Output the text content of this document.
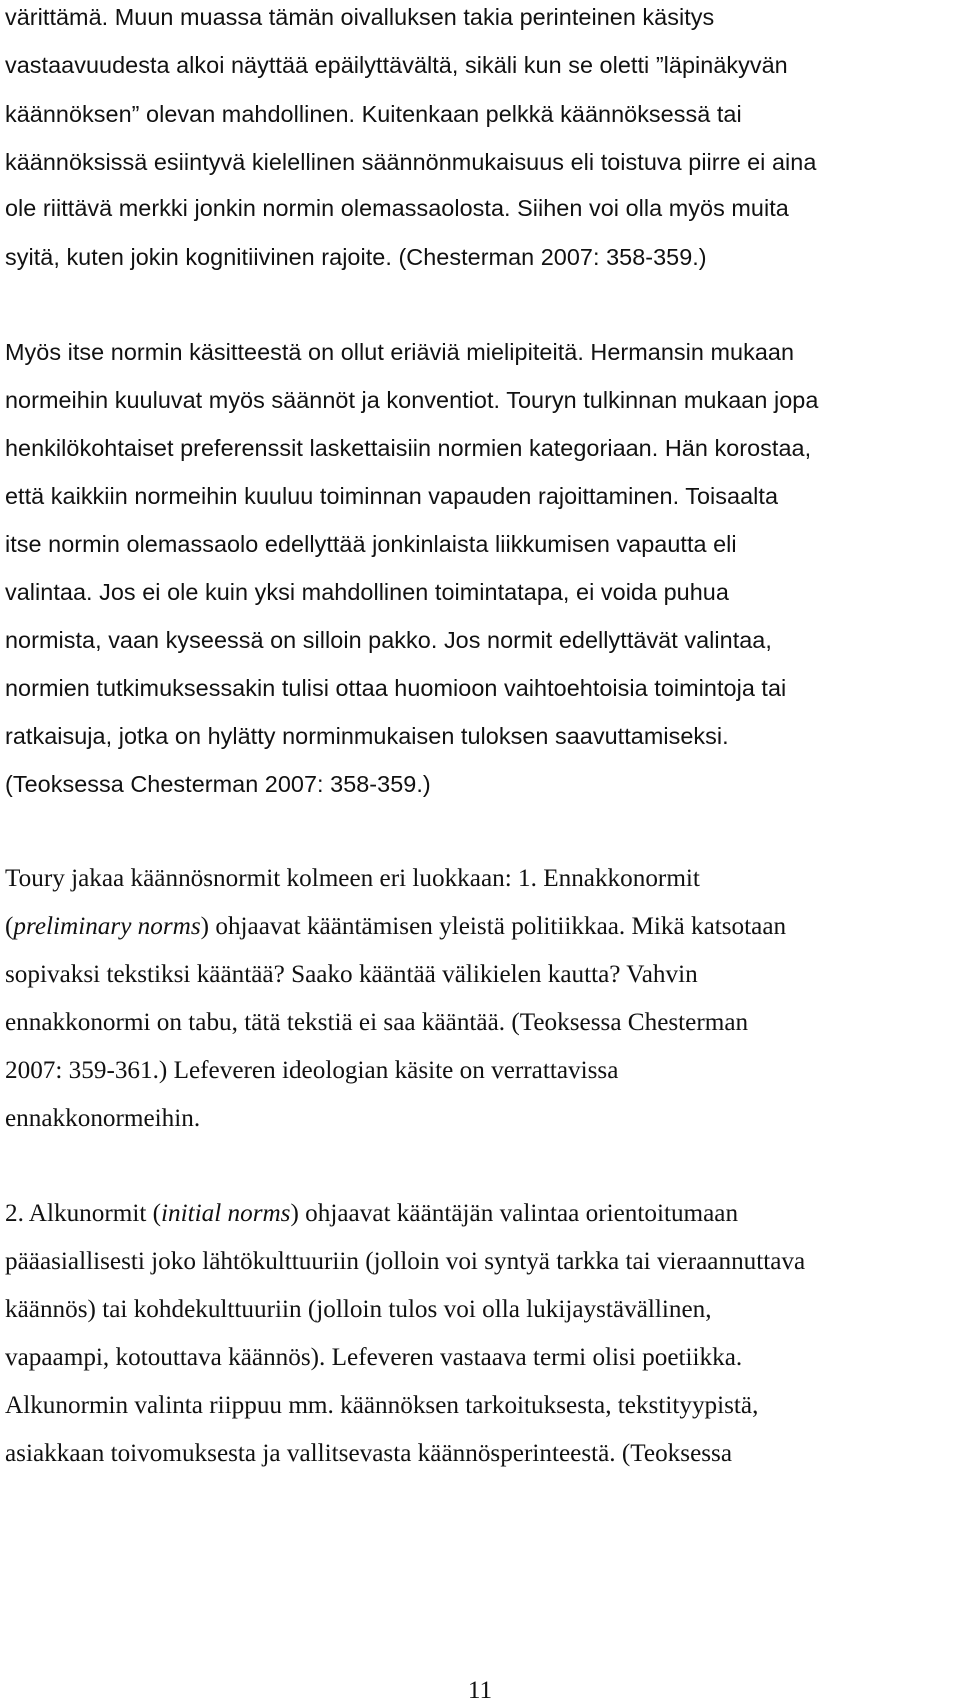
värittämä. Muun muassa tämän oivalluksen takia perinteinen käsitys
vastaavuudesta alkoi näyttää epäilyttävältä, sikäli kun se oletti ”läpinäkyvän
käännöksen” olevan mahdollinen. Kuitenkaan pelkkä käännöksessä tai
käännöksissä esiintyvä kielellinen säännönmukaisuus eli toistuva piirre ei aina
ole riittävä merkki jonkin normin olemassaolosta. Siihen voi olla myös muita
syitä, kuten jokin kognitiivinen rajoite. (Chesterman 2007: 358-359.)
Myös itse normin käsitteestä on ollut eriäviä mielipiteitä. Hermansin mukaan
normeihin kuuluvat myös säännöt ja konventiot. Touryn tulkinnan mukaan jopa
henkilökohtaiset preferenssit laskettaisiin normien kategoriaan. Hän korostaa,
että kaikkiin normeihin kuuluu toiminnan vapauden rajoittaminen. Toisaalta
itse normin olemassaolo edellyttää jonkinlaista liikkumisen vapautta eli
valintaa. Jos ei ole kuin yksi mahdollinen toimintatapa, ei voida puhua
normista, vaan kyseessä on silloin pakko. Jos normit edellyttävät valintaa,
normien tutkimuksessakin tulisi ottaa huomioon vaihtoehtoisia toimintoja tai
ratkaisuja, jotka on hylätty norminmukaisen tuloksen saavuttamiseksi.
(Teoksessa Chesterman 2007: 358-359.)
Toury jakaa käännösnormit kolmeen eri luokkaan: 1. Ennakkonormit
(preliminary norms) ohjaavat kääntämisen yleistä politiikkaa. Mikä katsotaan
sopivaksi tekstiksi kääntää? Saako kääntää välikielen kautta? Vahvin
ennakkonormi on tabu, tätä tekstiä ei saa kääntää. (Teoksessa Chesterman
2007: 359-361.) Lefeveren ideologian käsite on verrattavissa
ennakkonormeihin.
2. Alkunormit (initial norms) ohjaavat kääntäjän valintaa orientoitumaan
pääasiallisesti joko lähtökulttuuriin (jolloin voi syntyä tarkka tai vieraannuttava
käännös) tai kohdekulttuuriin (jolloin tulos voi olla lukijaystävällinen,
vapaampi, kotouttava käännös). Lefeveren vastaava termi olisi poetiikka.
Alkunormin valinta riippuu mm. käännöksen tarkoituksesta, tekstityypistä,
asiakkaan toivomuksesta ja vallitsevasta käännösperinteestä. (Teoksessa
11
